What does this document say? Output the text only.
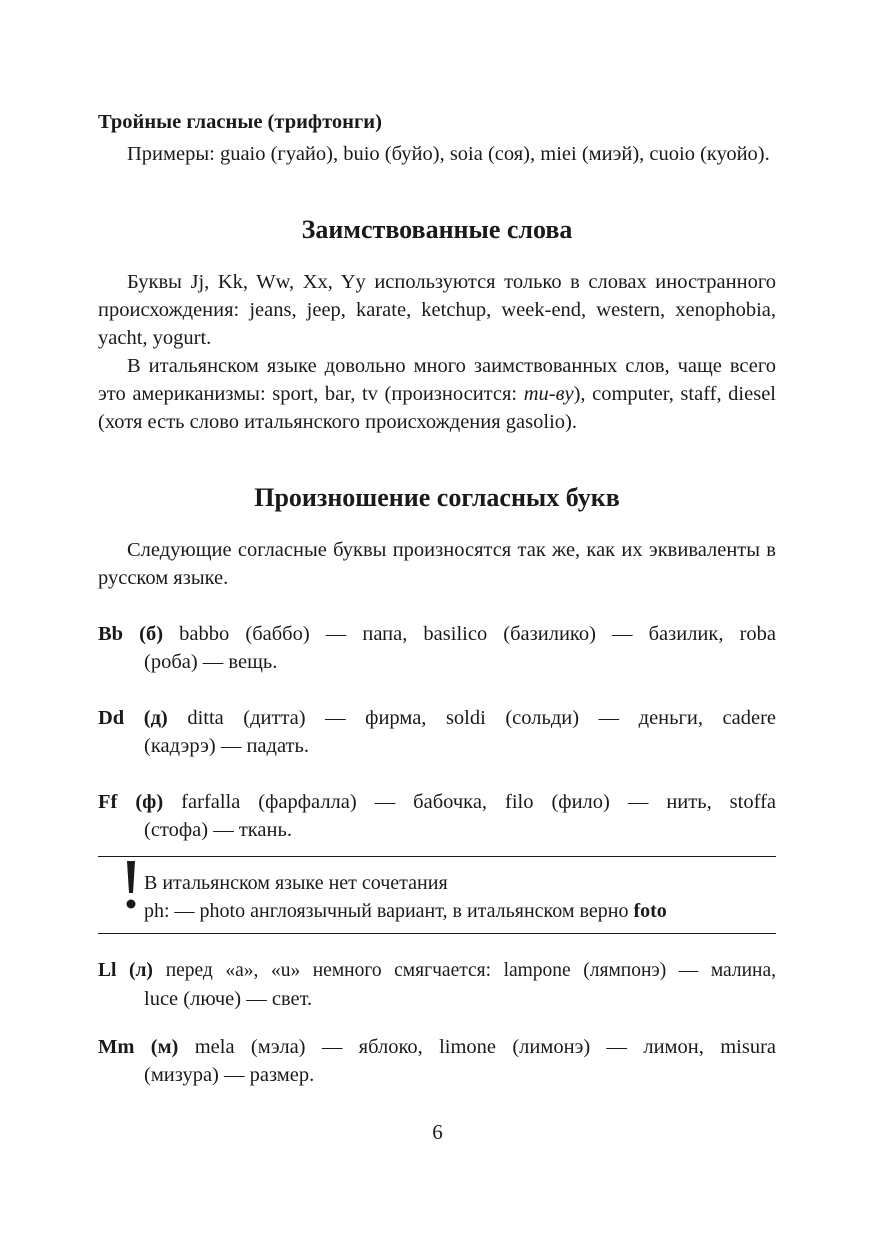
Тройные гласные (трифтонги)

Примеры: guaio (гуайо), buio (буйо), soia (соя), miei (миэй), cuoio (куойо).

Заимствованные слова

Буквы Jj, Kk, Ww, Xx, Yy используются только в словах иностранного происхождения: jeans, jeep, karate, ketchup, week-end, western, xenophobia, yacht, yogurt.

В итальянском языке довольно много заимствованных слов, чаще всего это американизмы: sport, bar, tv (произносится: ти-ву), computer, staff, diesel (хотя есть слово итальянского происхождения gasolio).

Произношение согласных букв

Следующие согласные буквы произносятся так же, как их эквиваленты в русском языке.

Bb (б) babbo (баббо) — папа, basilico (базилико) — базилик, roba
(роба) — вещь.
Dd (д) ditta (дитта) — фирма, soldi (сольди) — деньги, cadere
(кадэрэ) — падать.
Ff (ф) farfalla (фарфалла) — бабочка, filo (фило) — нить, stoffa
(стофа) — ткань.
В итальянском языке нет сочетания
ph: — photo англоязычный вариант, в итальянском верно foto
Ll (л) перед «a», «u» немного смягчается: lampone (лямпонэ) — малина,
luce (люче) — свет.
Mm (м) mela (мэла) — яблоко, limone (лимонэ) — лимон, misura
(мизура) — размер.
6
